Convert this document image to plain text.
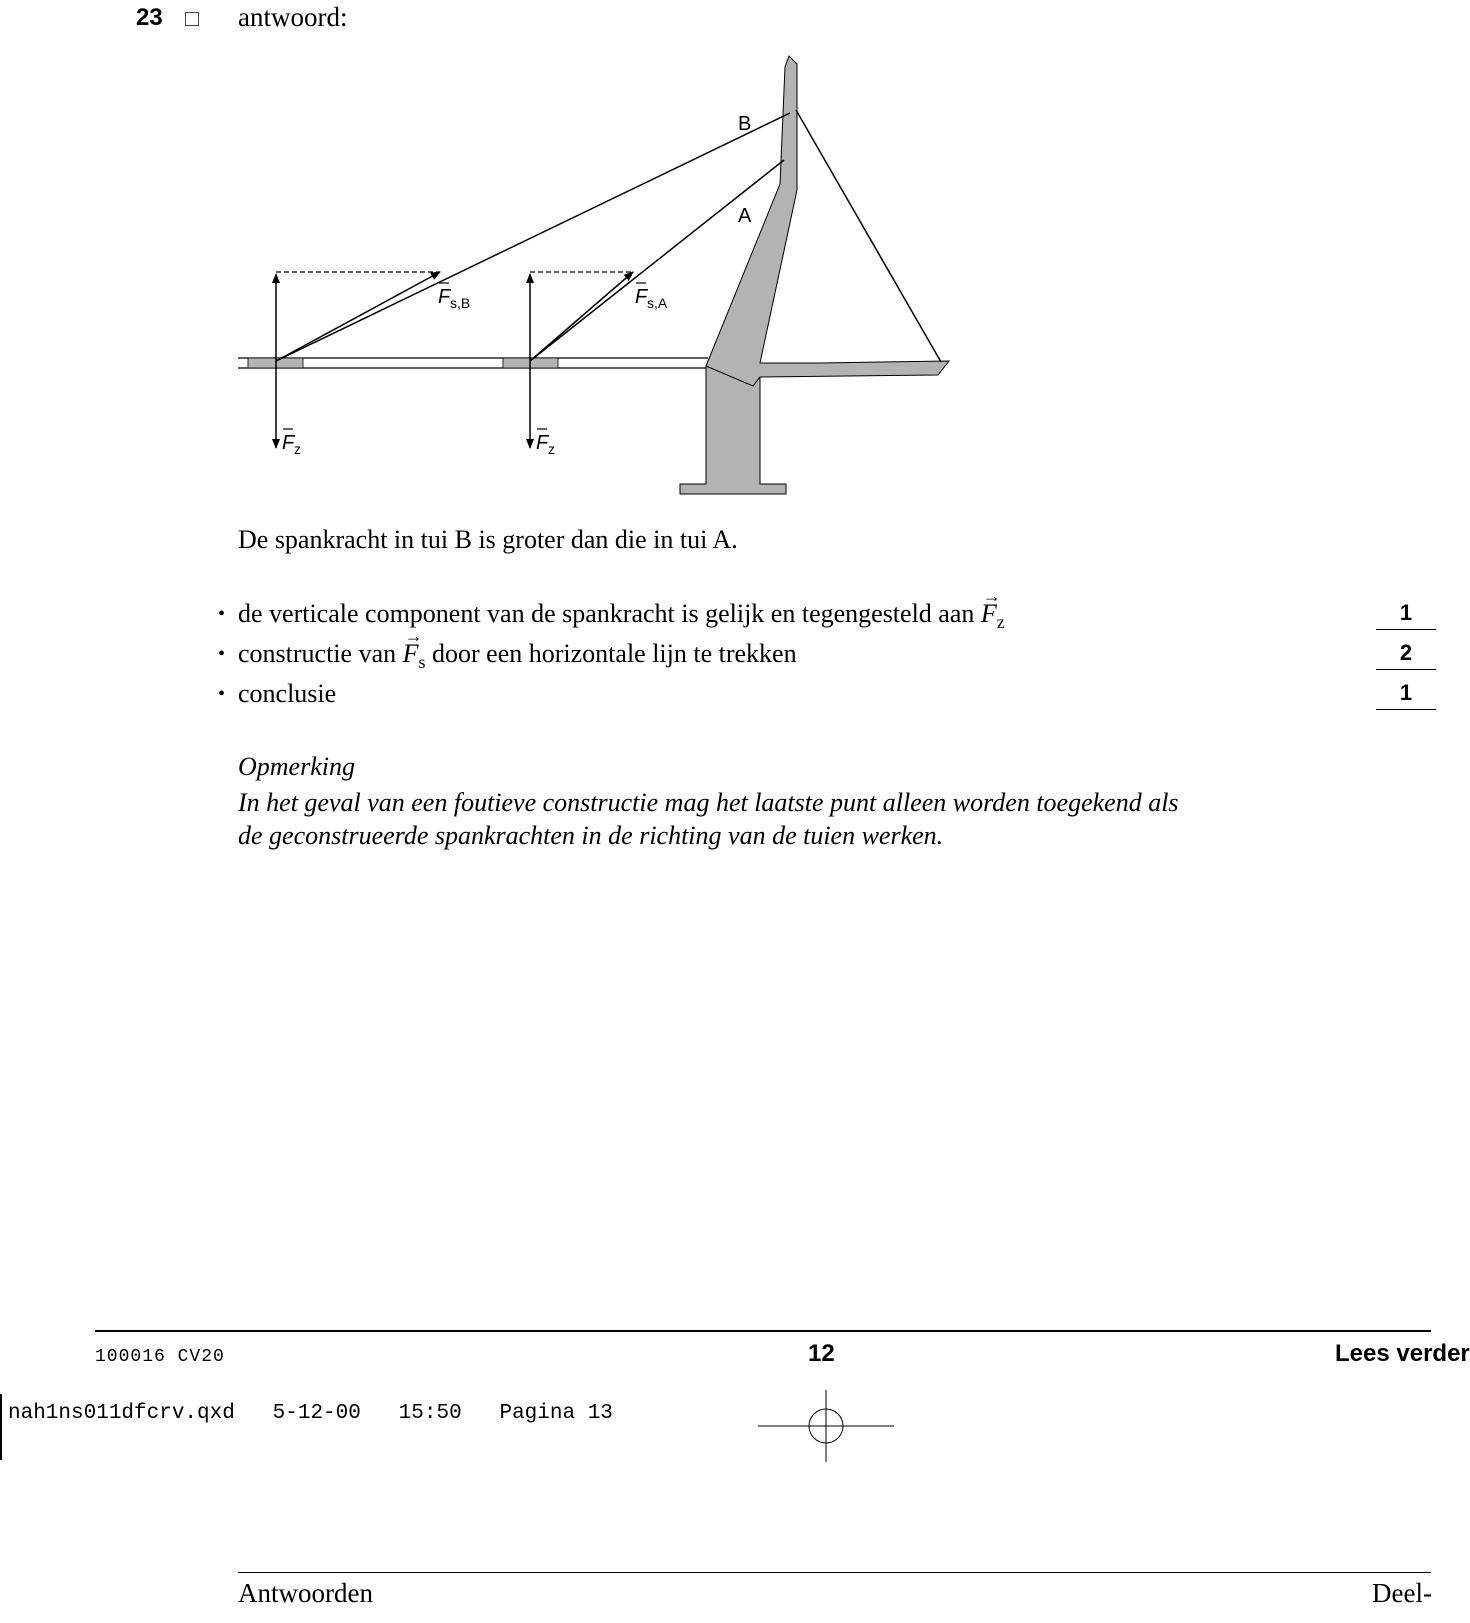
23	antwoord:
B
A
F s,B	F s,A
F z	F z
De spankracht in tui B is groter dan die in tui A.
• de verticale component van de spankracht is gelijk en tegengesteld aan → $F_z$	1
• constructie van → $F_s$ door een horizontale lijn te trekken	2
• conclusie	1
Opmerking
In het geval van een foutieve constructie mag het laatste punt alleen worden toegekend als
de geconstrueerde spankrachten in de richting van de tuien werken.
100016 CV20	12	Lees verder
nah1ns011dfcrv.qxd   5-12-00   15:50   Pagina 13
Antwoorden	Deel-
